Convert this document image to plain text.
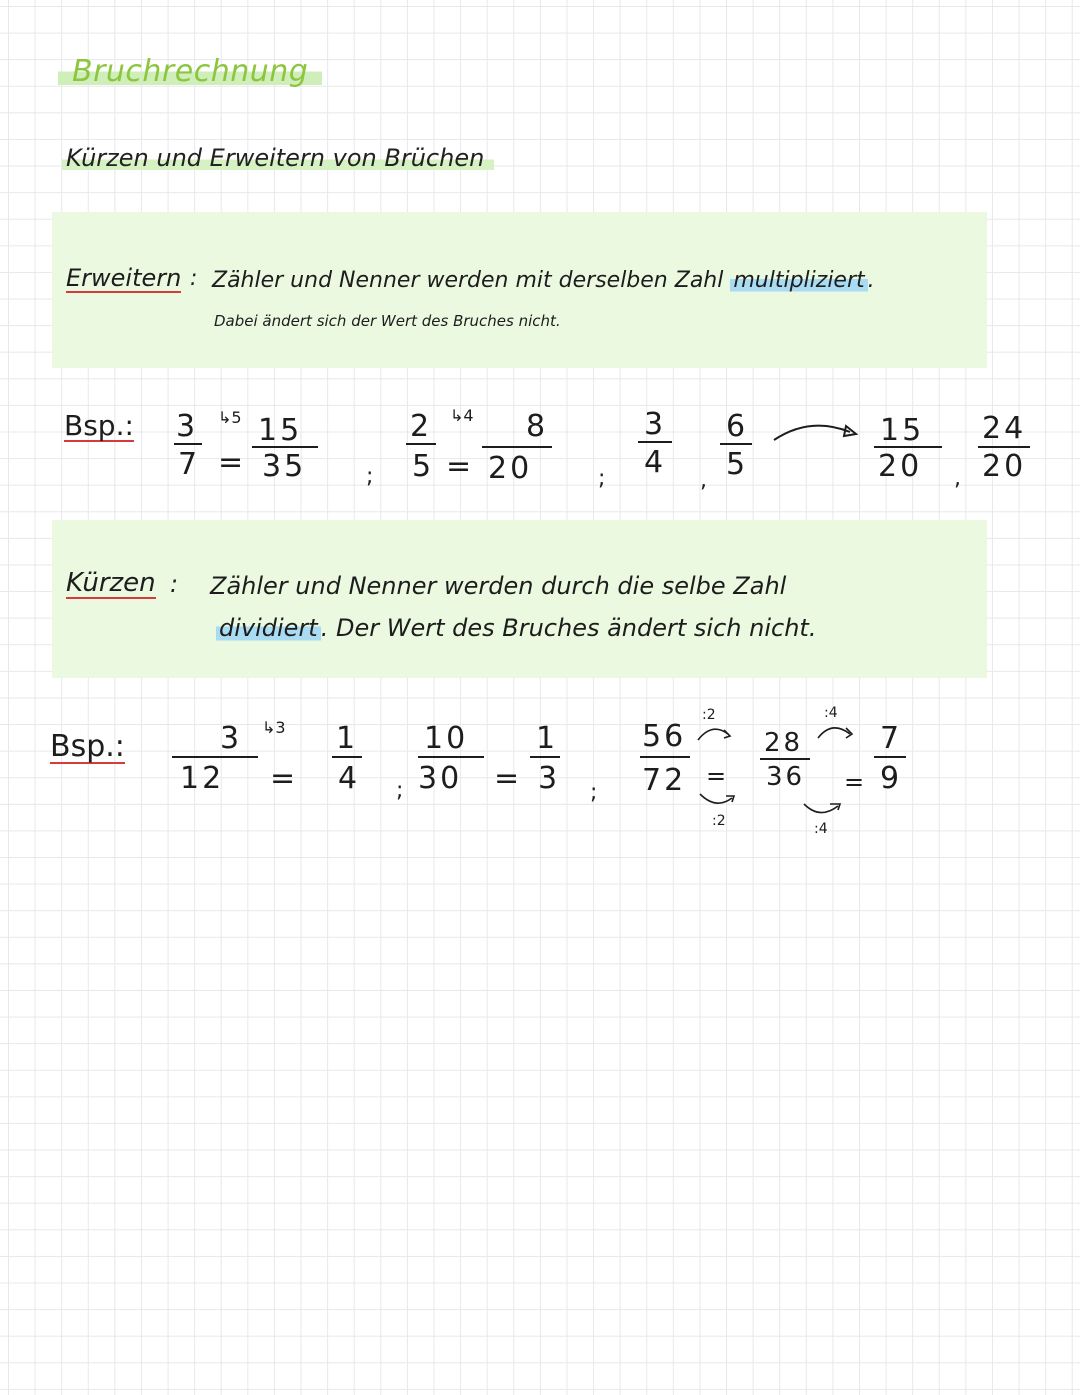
Bruchrechnung
Kürzen und Erweitern von Brüchen
Erweitern : Zähler und Nenner werden mit derselben Zahl multipliziert .
Dabei ändert sich der Wert des Bruches nicht.
Bsp.: 3
7
↳5
=
15
35	;
2
5
↳4
=
8
20	;
3
4
,
6
5
15
20 ,
24
20
Kürzen : Zähler und Nenner werden durch die selbe Zahl
dividiert . Der Wert des Bruches ändert sich nicht.
Bsp.:	3 ↳3
12 =
1
4 ;
10
30 =
1
3 ;
56
72
:2
=
:2
28
36
:4
=
:4
7
9
